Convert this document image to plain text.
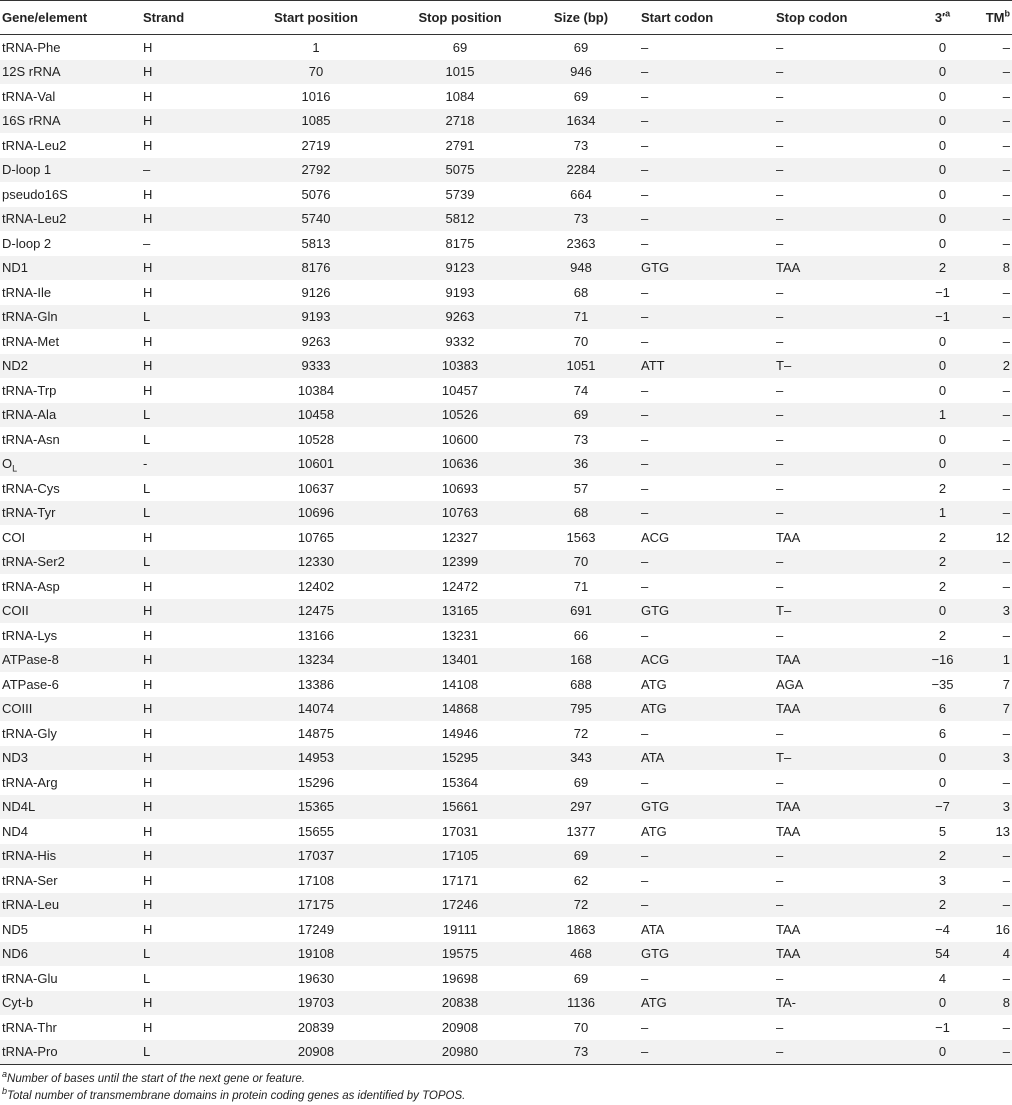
Gene/element	Strand	Start position	Stop position	Size (bp)	Start codon	Stop codon	$3'^a$	$TM^b$
tRNA-Phe	H	1	69	69	–	–	0	–
12S rRNA	H	70	1015	946	–	–	0	–
tRNA-Val	H	1016	1084	69	–	–	0	–
16S rRNA	H	1085	2718	1634	–	–	0	–
tRNA-Leu2	H	2719	2791	73	–	–	0	–
D-loop 1	–	2792	5075	2284	–	–	0	–
pseudo16S	H	5076	5739	664	–	–	0	–
tRNA-Leu2	H	5740	5812	73	–	–	0	–
D-loop 2	–	5813	8175	2363	–	–	0	–
ND1	H	8176	9123	948	GTG	TAA	2	8
tRNA-Ile	H	9126	9193	68	–	–	−1	–
tRNA-Gln	L	9193	9263	71	–	–	−1	–
tRNA-Met	H	9263	9332	70	–	–	0	–
ND2	H	9333	10383	1051	ATT	T–	0	2
tRNA-Trp	H	10384	10457	74	–	–	0	–
tRNA-Ala	L	10458	10526	69	–	–	1	–
tRNA-Asn	L	10528	10600	73	–	–	0	–
$O_L$	-	10601	10636	36	–	–	0	–
tRNA-Cys	L	10637	10693	57	–	–	2	–
tRNA-Tyr	L	10696	10763	68	–	–	1	–
COI	H	10765	12327	1563	ACG	TAA	2	12
tRNA-Ser2	L	12330	12399	70	–	–	2	–
tRNA-Asp	H	12402	12472	71	–	–	2	–
COII	H	12475	13165	691	GTG	T–	0	3
tRNA-Lys	H	13166	13231	66	–	–	2	–
ATPase-8	H	13234	13401	168	ACG	TAA	−16	1
ATPase-6	H	13386	14108	688	ATG	AGA	−35	7
COIII	H	14074	14868	795	ATG	TAA	6	7
tRNA-Gly	H	14875	14946	72	–	–	6	–
ND3	H	14953	15295	343	ATA	T–	0	3
tRNA-Arg	H	15296	15364	69	–	–	0	–
ND4L	H	15365	15661	297	GTG	TAA	−7	3
ND4	H	15655	17031	1377	ATG	TAA	5	13
tRNA-His	H	17037	17105	69	–	–	2	–
tRNA-Ser	H	17108	17171	62	–	–	3	–
tRNA-Leu	H	17175	17246	72	–	–	2	–
ND5	H	17249	19111	1863	ATA	TAA	−4	16
ND6	L	19108	19575	468	GTG	TAA	54	4
tRNA-Glu	L	19630	19698	69	–	–	4	–
Cyt-b	H	19703	20838	1136	ATG	TA-	0	8
tRNA-Thr	H	20839	20908	70	–	–	−1	–
tRNA-Pro	L	20908	20980	73	–	–	0	–
$^a$Number of bases until the start of the next gene or feature.
$^b$Total number of transmembrane domains in protein coding genes as identified by TOPOS.
